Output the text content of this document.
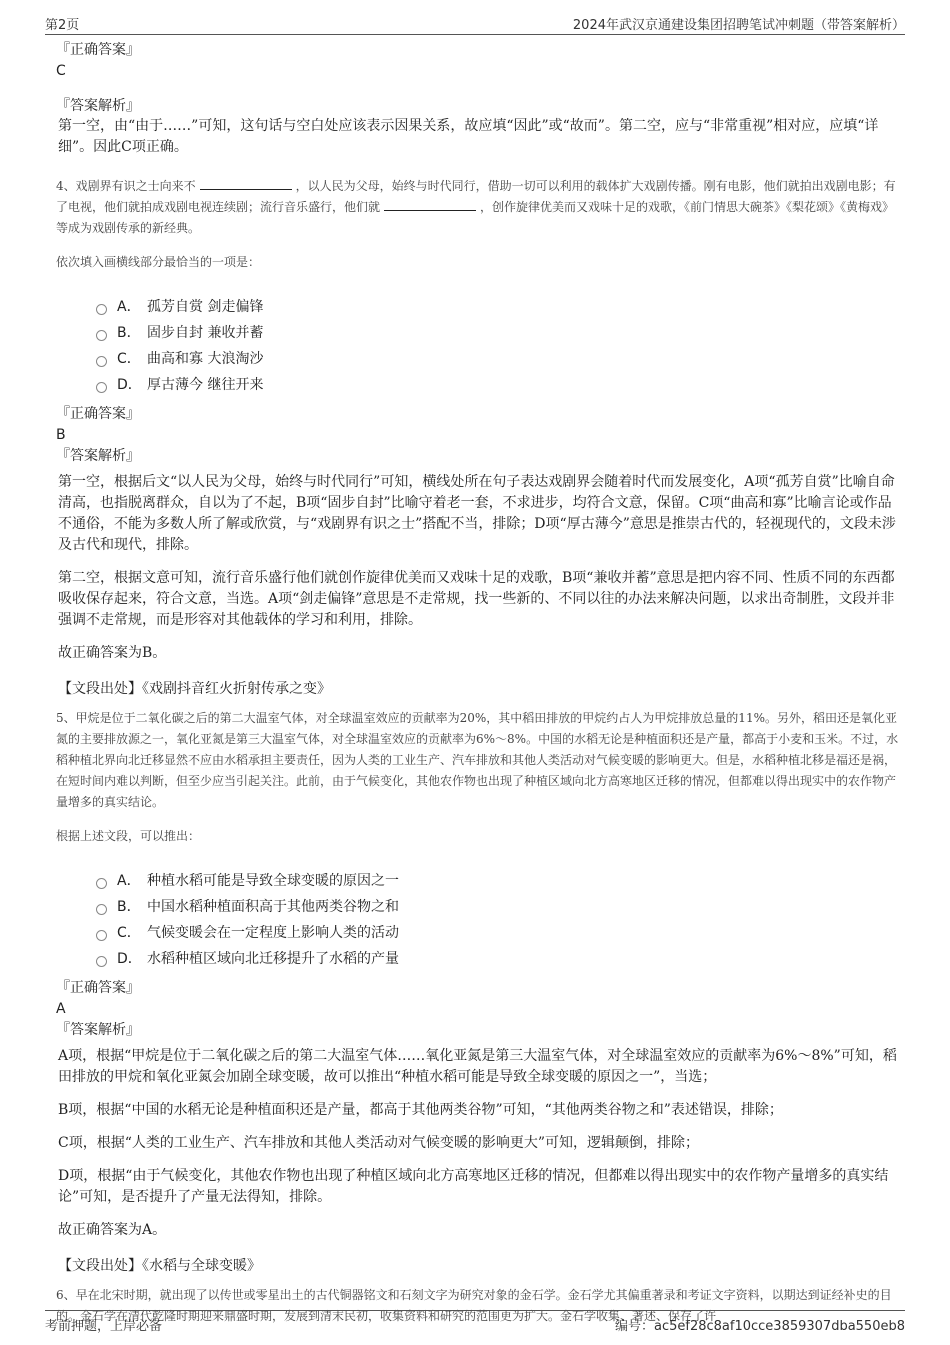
第2页	2024年武汉京通建设集团招聘笔试冲刺题（带答案解析）
『正确答案』
C
『答案解析』
第一空，由“由于……”可知，这句话与空白处应该表示因果关系，故应填“因此”或“故而”。第二空，应与“非常重视”相对应，应填“详细”。因此C项正确。
4、戏剧界有识之士向来不	，以人民为父母，始终与时代同行，借助一切可以利用的载体扩大戏剧传播。刚有电影，他们就拍出戏剧电影；有了电视，他们就拍成戏剧电视连续剧；流行音乐盛行，他们就	，创作旋律优美而又戏味十足的戏歌，《前门情思大碗茶》《梨花颂》《黄梅戏》等成为戏剧传承的新经典。
依次填入画横线部分最恰当的一项是：
A． 孤芳自赏 剑走偏锋
B． 固步自封 兼收并蓄
C． 曲高和寡 大浪淘沙
D． 厚古薄今 继往开来
『正确答案』
B
『答案解析』
第一空，根据后文“以人民为父母，始终与时代同行”可知，横线处所在句子表达戏剧界会随着时代而发展变化，A项“孤芳自赏”比喻自命清高，也指脱离群众，自以为了不起，B项“固步自封”比喻守着老一套，不求进步，均符合文意，保留。C项“曲高和寡”比喻言论或作品不通俗，不能为多数人所了解或欣赏，与“戏剧界有识之士”搭配不当，排除；D项“厚古薄今”意思是推崇古代的，轻视现代的，文段未涉及古代和现代，排除。
第二空，根据文意可知，流行音乐盛行他们就创作旋律优美而又戏味十足的戏歌，B项“兼收并蓄”意思是把内容不同、性质不同的东西都吸收保存起来，符合文意，当选。A项“剑走偏锋”意思是不走常规，找一些新的、不同以往的办法来解决问题，以求出奇制胜，文段并非强调不走常规，而是形容对其他载体的学习和利用，排除。
故正确答案为B。
【文段出处】《戏剧抖音红火折射传承之变》
5、甲烷是位于二氧化碳之后的第二大温室气体，对全球温室效应的贡献率为20%，其中稻田排放的甲烷约占人为甲烷排放总量的11%。另外，稻田还是氧化亚氮的主要排放源之一，氧化亚氮是第三大温室气体，对全球温室效应的贡献率为6%～8%。中国的水稻无论是种植面积还是产量，都高于小麦和玉米。不过，水稻种植北界向北迁移显然不应由水稻承担主要责任，因为人类的工业生产、汽车排放和其他人类活动对气候变暖的影响更大。但是，水稻种植北移是福还是祸，在短时间内难以判断，但至少应当引起关注。此前，由于气候变化，其他农作物也出现了种植区域向北方高寒地区迁移的情况，但都难以得出现实中的农作物产量增多的真实结论。
根据上述文段，可以推出：
A． 种植水稻可能是导致全球变暖的原因之一
B． 中国水稻种植面积高于其他两类谷物之和
C． 气候变暖会在一定程度上影响人类的活动
D． 水稻种植区域向北迁移提升了水稻的产量
『正确答案』
A
『答案解析』
A项，根据“甲烷是位于二氧化碳之后的第二大温室气体……氧化亚氮是第三大温室气体，对全球温室效应的贡献率为6%～8%”可知，稻田排放的甲烷和氧化亚氮会加剧全球变暖，故可以推出“种植水稻可能是导致全球变暖的原因之一”，当选；
B项，根据“中国的水稻无论是种植面积还是产量，都高于其他两类谷物”可知，“其他两类谷物之和”表述错误，排除；
C项，根据“人类的工业生产、汽车排放和其他人类活动对气候变暖的影响更大”可知，逻辑颠倒，排除；
D项，根据“由于气候变化，其他农作物也出现了种植区域向北方高寒地区迁移的情况，但都难以得出现实中的农作物产量增多的真实结论”可知，是否提升了产量无法得知，排除。
故正确答案为A。
【文段出处】《水稻与全球变暖》
6、早在北宋时期，就出现了以传世或零星出土的古代铜器铭文和石刻文字为研究对象的金石学。金石学尤其偏重著录和考证文字资料，以期达到证经补史的目的。金石学在清代乾隆时期迎来鼎盛时期，发展到清末民初，收集资料和研究的范围更为扩大。金石学收集、著述、保存了许
考前押题，上岸必备	编号：ac5ef28c8af10cce3859307dba550eb8
